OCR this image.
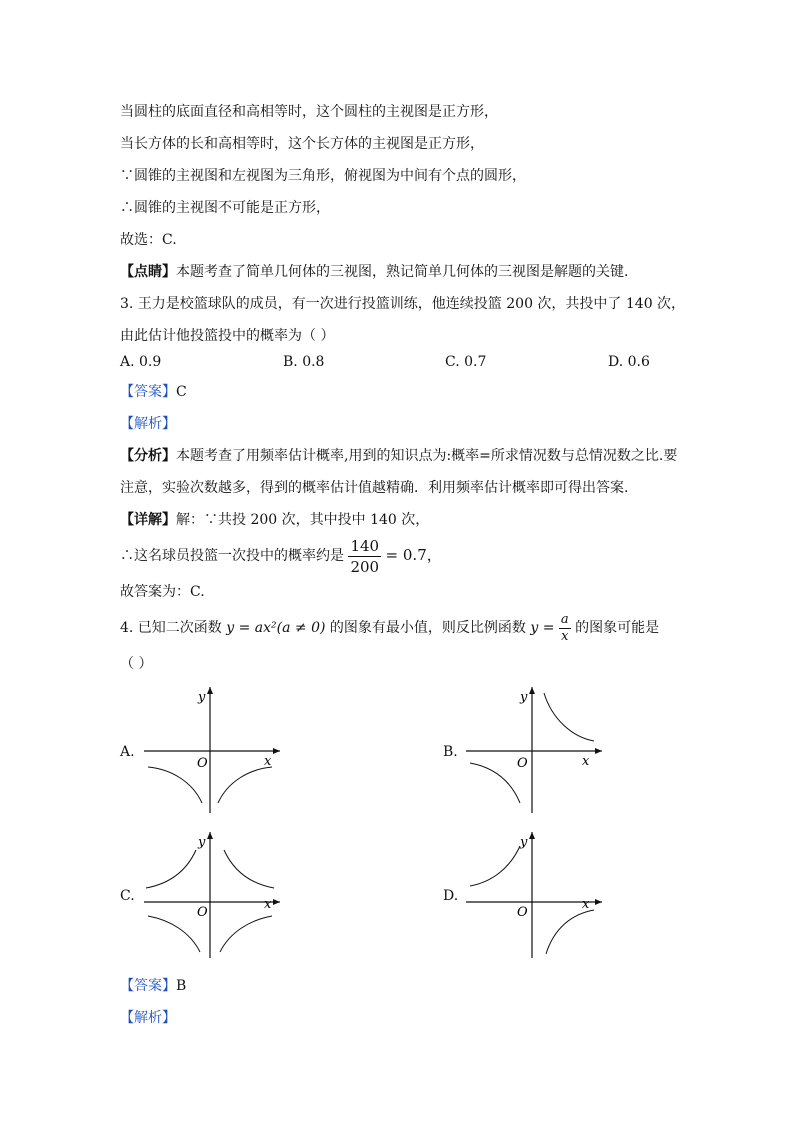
当圆柱的底面直径和高相等时，这个圆柱的主视图是正方形，
当长方体的长和高相等时，这个长方体的主视图是正方形，
∵圆锥的主视图和左视图为三角形，俯视图为中间有个点的圆形，
∴圆锥的主视图不可能是正方形，
故选：C.
【点睛】本题考查了简单几何体的三视图，熟记简单几何体的三视图是解题的关键.
3. 王力是校篮球队的成员，有一次进行投篮训练，他连续投篮 200 次，共投中了 140 次，
由此估计他投篮投中的概率为（ ）
A. 0.9	B. 0.8	C. 0.7	D. 0.6
【答案】C
【解析】
【分析】本题考查了用频率估计概率,用到的知识点为:概率=所求情况数与总情况数之比.要
注意，实验次数越多，得到的概率估计值越精确．利用频率估计概率即可得出答案.
【详解】解：∵共投 200 次，其中投中 140 次，
∴这名球员投篮一次投中的概率约是 $\frac{140}{200} = 0.7$，
故答案为：C.
4. 已知二次函数 y = ax²(a ≠ 0) 的图象有最小值，则反比例函数 $y = \frac{a}{x}$ 的图象可能是
（ ）
A.
y
x
O
B.
y
x
O
C.
y
x
O
D.
y
x
O
【答案】B
【解析】
